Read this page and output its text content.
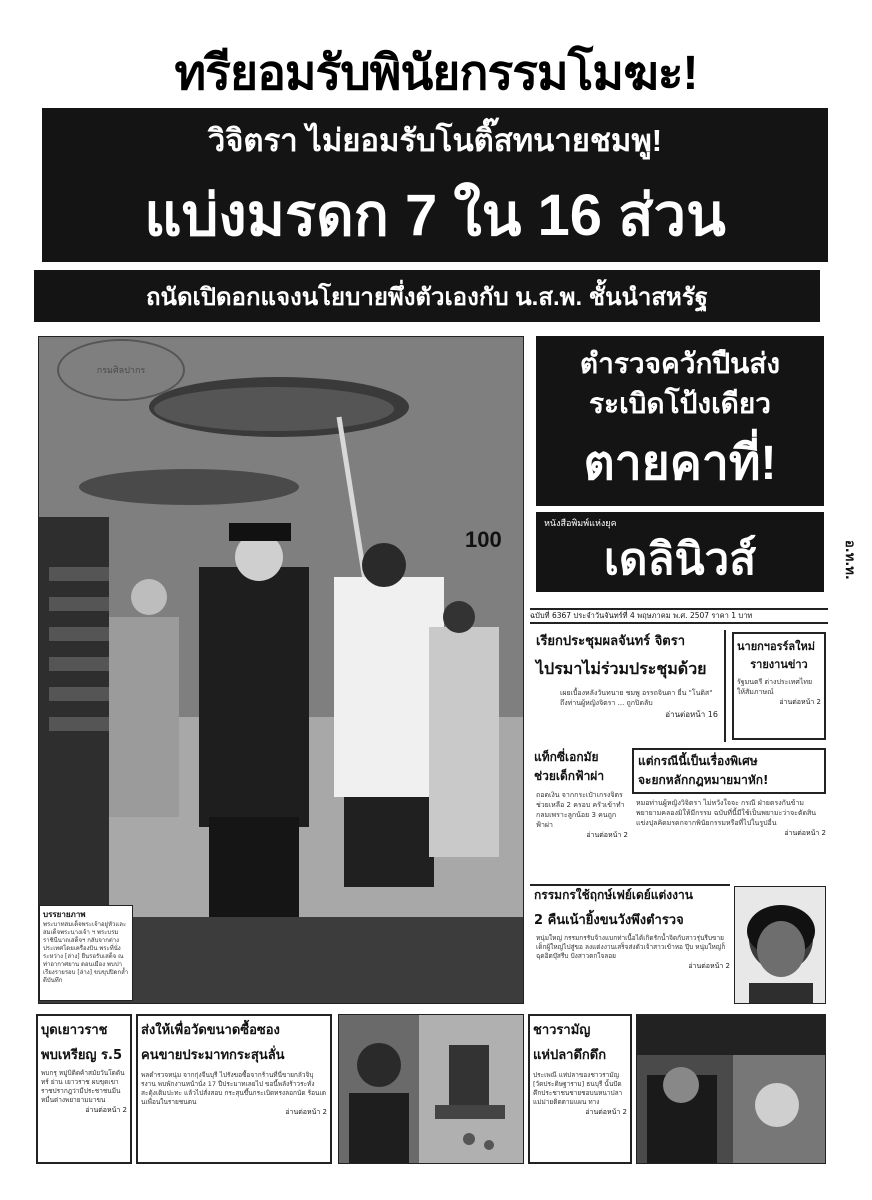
ทรียอมรับพินัยกรรมโมฆะ!
วิจิตรา ไม่ยอมรับโนติ๊สทนายชมพู!
แบ่งมรดก 7 ใน 16 ส่วน
ถนัดเปิดอกแจงนโยบายพึ่งตัวเองกับ น.ส.พ. ชั้นนำสหรัฐ
กรมศิลปากร
100
บรรยายภาพ
พระบาทสมเด็จพระเจ้าอยู่หัวและสมเด็จพระนางเจ้า ฯ พระบรมราชินีนาถเสด็จฯ กลับจากต่างประเทศโดยเครื่องบิน พระที่นั่ง ระหว่าง [ล่าง] ยืนรอรับเสด็จ ณ ท่าอากาศยาน ดอนเมือง พบปาเรียงรายรอบ [ล่าง] ขบขุปปิดกล้ำดีบันทึก
ตำรวจควักปืนส่ง
ระเบิดโป้งเดียว
ตายคาที่!
หนังสือพิมพ์แห่งยุค
เดลินิวส์	อ.ท.ท.
ฉบับที่ 6367 ประจำวันจันทร์ที่ 4 พฤษภาคม พ.ศ. 2507 ราคา 1 บาท
เรียกประชุมผลจันทร์ จิตรา
ไปรมาไม่ร่วมประชุมด้วย
เผยเบื้องหลังวันทนาย ชมพู อรรถจินดา ยื่น "โนติส" ถึงท่านผู้หญิงจิตรา ... ถูกปิดลับ
อ่านต่อหน้า 16
นายกฯอรร์ลใหม่
รายงานข่าว
รัฐมนตรี ต่างประเทศไทย ให้สัมภาษณ์
อ่านต่อหน้า 2
แท็กซี่เอกมัย
ช่วยเด็กฟ้าผ่า
ถอดเงิน จากกระเป๋าเกรงจิตรช่วยเหลือ 2 ครอบ ครัวเข้าทำกลมเพราะลูกน้อย 3 คนถูกฟ้าผ่า
อ่านต่อหน้า 2
แต่กรณีนี้เป็นเรื่องพิเศษ
จะยกหลักกฎหมายมาหัก!
หมอท่านผู้หญิงวิจิตรา ไม่หวังใจจะ กรณี ฝ่ายตรงกันข้ามพยายามคลองมิให้มีกรรม ฉบับที่นี้มีใช้เป็นพยามะว่าจะตัดสินแข่งปุลคิดมรดกจากพินัยกรรมหรือที่ไปในรูปอื่น
อ่านต่อหน้า 2
กรรมกรใช้ฤกษ์เฟย์เดย์แต่งงาน
2 คืนเน้ายิ้งขนวังพึงตำรวจ
หนุ่มใหญ่ กรรมกรรับจ้างแบกท่าเนื้อได้เกิดรักน้ำจิตกับสาวรุ่นรีบขายเด็กผู้ใหญ่ไปสู่ขอ ลงแต่งงานเสร็จส่งตัวเจ้าสาวเข้าหอ ปุ๊บ หนุ่มใหญ่ก็ฉุดอิตบุ๊สรีบ ปังสาวตกใจลอย
อ่านต่อหน้า 2
บุดเยาวราช
พบเหรียญ ร.5
พบกรุ หมู่บิติดค้าสมัยวันโดดันทร์ ย่าน เยาวราช ผบขุดเขา ราชปรากฎว่ามีประชาชนมีนหมื่นต่างพยายามมาขน
อ่านต่อหน้า 2
ส่งให้เพื่อวัดขนาดซื้อซอง
คนขายประมาทกระสุนลั่น
พลตำรวจหนุ่ม จากกุ่งจีนบุรี ไปรังขอซื้อจากร้านที่นี่ขายกลัวจิบุรงาน พบพักงานหน้านั่ง 17 ปีประมาทเลยไป ขอนี้พลังร้าวระทั่งสะดุ้งเติมปะทะ แล้วไปสั่งสอบ กระสุนขึ้นกระเบิดทรงลอกนัด ร้อนเตนเพื่อนในรายชนตน
อ่านต่อหน้า 2
ชาวรามัญ
แห่ปลาดึกดึก
ประเพณี แห่ปลาของชาวรามัญ [วัดประดิษฐาราม] ธนบุรี นั้นปัดคึกประชาชนชายชอบนหนาปลาแม่ม่ายติดตามแผน ทาง
อ่านต่อหน้า 2
